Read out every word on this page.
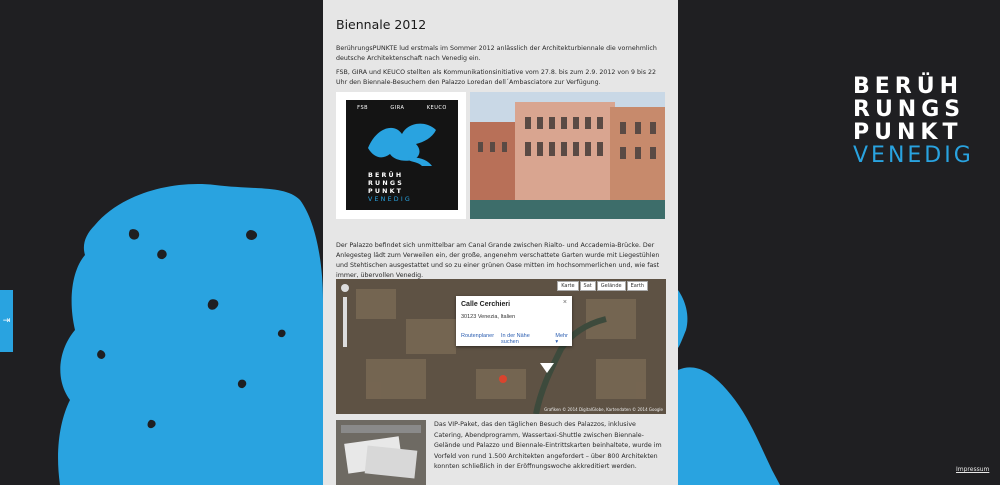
⇥
BERÜH
RUNGS
PUNKT
VENEDIG
Impressum
Biennale 2012
BerührungsPUNKTE lud erstmals im Sommer 2012 anlässlich der Architekturbiennale die vornehmlich deutsche Architektenschaft nach Venedig ein.
FSB, GIRA und KEUCO stellten als Kommunikationsinitiative vom 27.8. bis zum 2.9. 2012 von 9 bis 22 Uhr den Biennale-Besuchern den Palazzo Loredan dell´Ambasciatore zur Verfügung.
FSB	GIRA	KEUCO
BERÜH
RUNGS
PUNKT
VENEDIG
Der Palazzo befindet sich unmittelbar am Canal Grande zwischen Rialto- und Accademia-Brücke. Der Anlegesteg lädt zum Verweilen ein, der große, angenehm verschattete Garten wurde mit Liegestühlen und Stehtischen ausgestattet und so zu einer grünen Oase mitten im hochsommerlichen und, wie fast immer, übervollen Venedig.
Karte	Sat	Gelände	Earth
Calle Cerchieri	×
30123 Venezia, Italien
Routenplaner In der Nähe suchen
Mehr ▾
Grafiken © 2014 DigitalGlobe, Kartendaten © 2014 Google
Das VIP-Paket, das den täglichen Besuch des Palazzos, inklusive Catering, Abendprogramm, Wassertaxi-Shuttle zwischen Biennale-Gelände und Palazzo und Biennale-Eintrittskarten beinhaltete, wurde im Vorfeld von rund 1.500 Architekten angefordert – über 800 Architekten konnten schließlich in der Eröffnungswoche akkreditiert werden.
